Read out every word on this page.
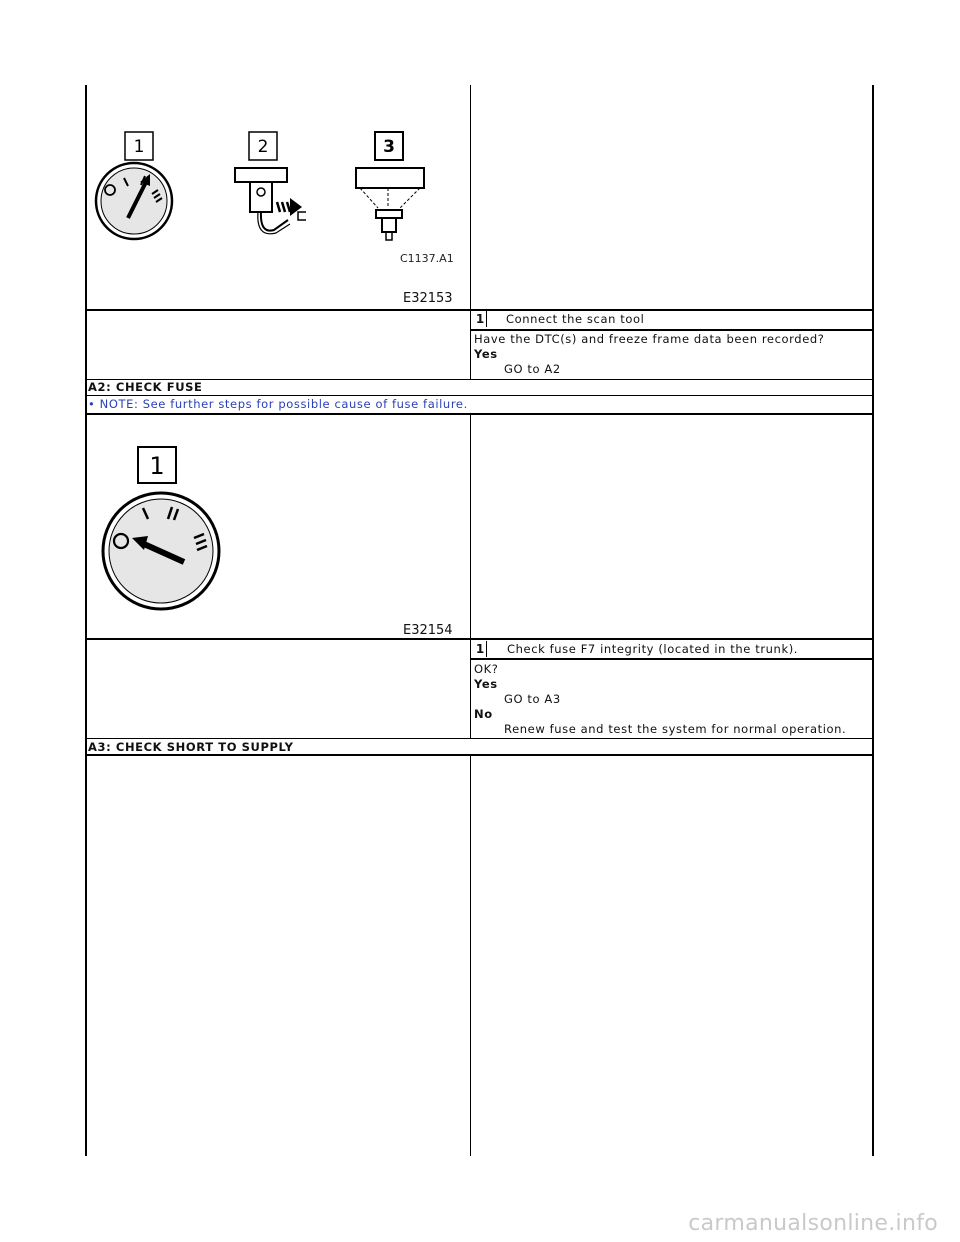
1	2	3
C1137.A1
E32153
1 Connect the scan tool
Have the DTC(s) and freeze frame data been recorded?
Yes
GO to A2
A2: CHECK FUSE
• NOTE: See further steps for possible cause of fuse failure.
1
E32154
1 Check fuse F7 integrity (located in the trunk).
OK?
Yes
GO to A3
No
Renew fuse and test the system for normal operation.
A3: CHECK SHORT TO SUPPLY
carmanualsonline.info
